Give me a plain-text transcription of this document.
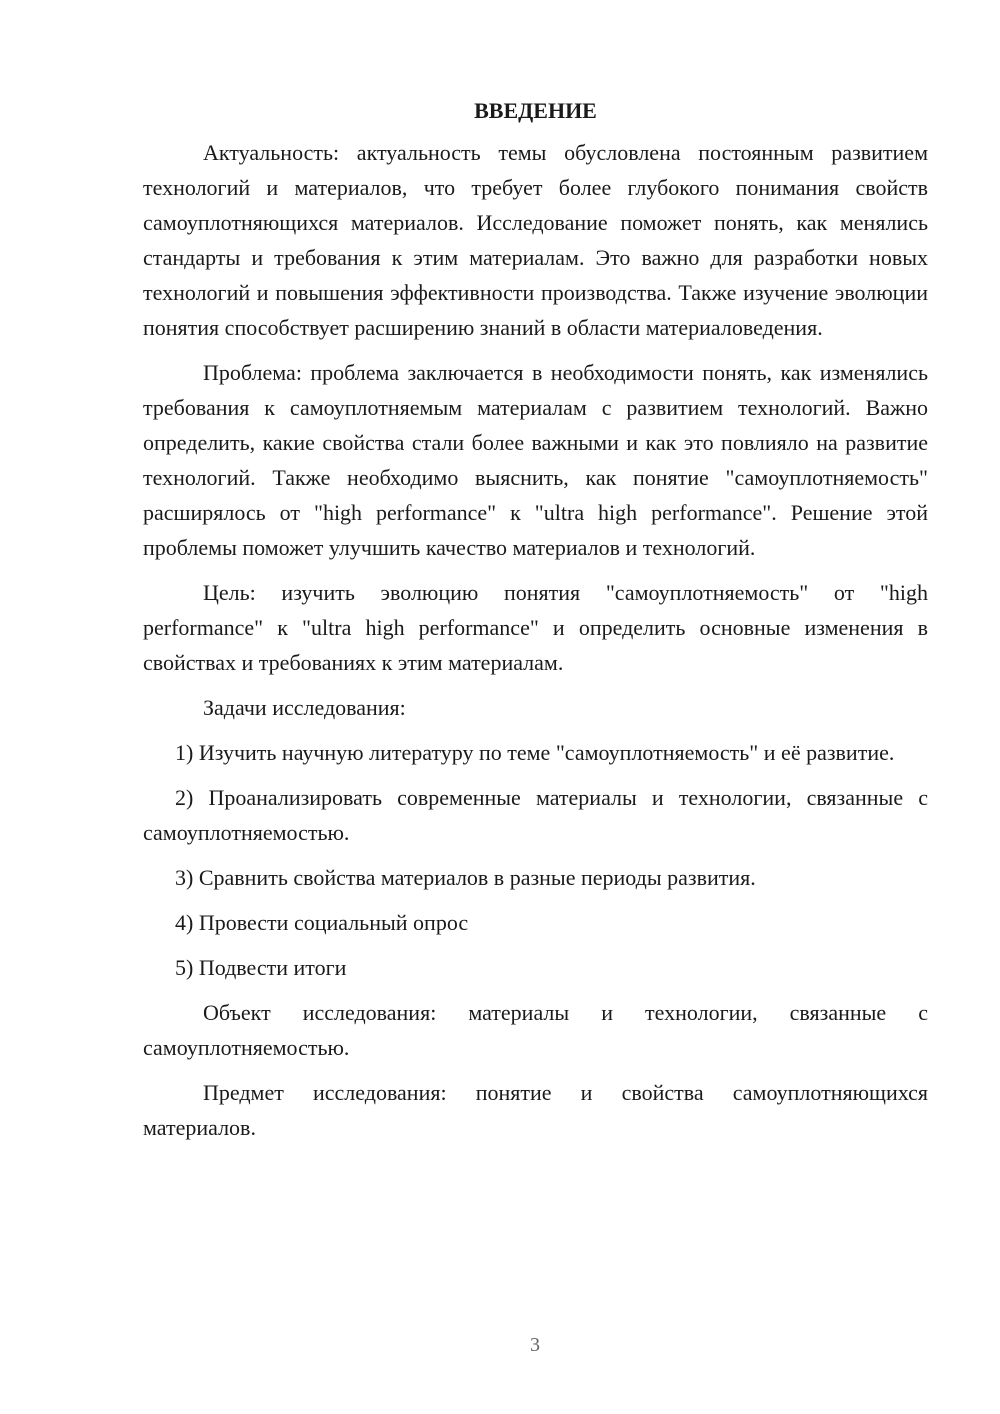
ВВЕДЕНИЕ

Актуальность: актуальность темы обусловлена постоянным развитием технологий и материалов, что требует более глубокого понимания свойств самоуплотняющихся материалов. Исследование поможет понять, как менялись стандарты и требования к этим материалам. Это важно для разработки новых технологий и повышения эффективности производства. Также изучение эволюции понятия способствует расширению знаний в области материаловедения.

Проблема: проблема заключается в необходимости понять, как изменялись требования к самоуплотняемым материалам с развитием технологий. Важно определить, какие свойства стали более важными и как это повлияло на развитие технологий. Также необходимо выяснить, как понятие "самоуплотняемость" расширялось от "high performance" к "ultra high performance". Решение этой проблемы поможет улучшить качество материалов и технологий.

Цель: изучить эволюцию понятия "самоуплотняемость" от "high performance" к "ultra high performance" и определить основные изменения в свойствах и требованиях к этим материалам.

Задачи исследования:

1) Изучить научную литературу по теме "самоуплотняемость" и её развитие.

2) Проанализировать современные материалы и технологии, связанные с самоуплотняемостью.

3) Сравнить свойства материалов в разные периоды развития.

4) Провести социальный опрос

5) Подвести итоги

Объект исследования: материалы и технологии, связанные с самоуплотняемостью.

Предмет исследования: понятие и свойства самоуплотняющихся материалов.

3
